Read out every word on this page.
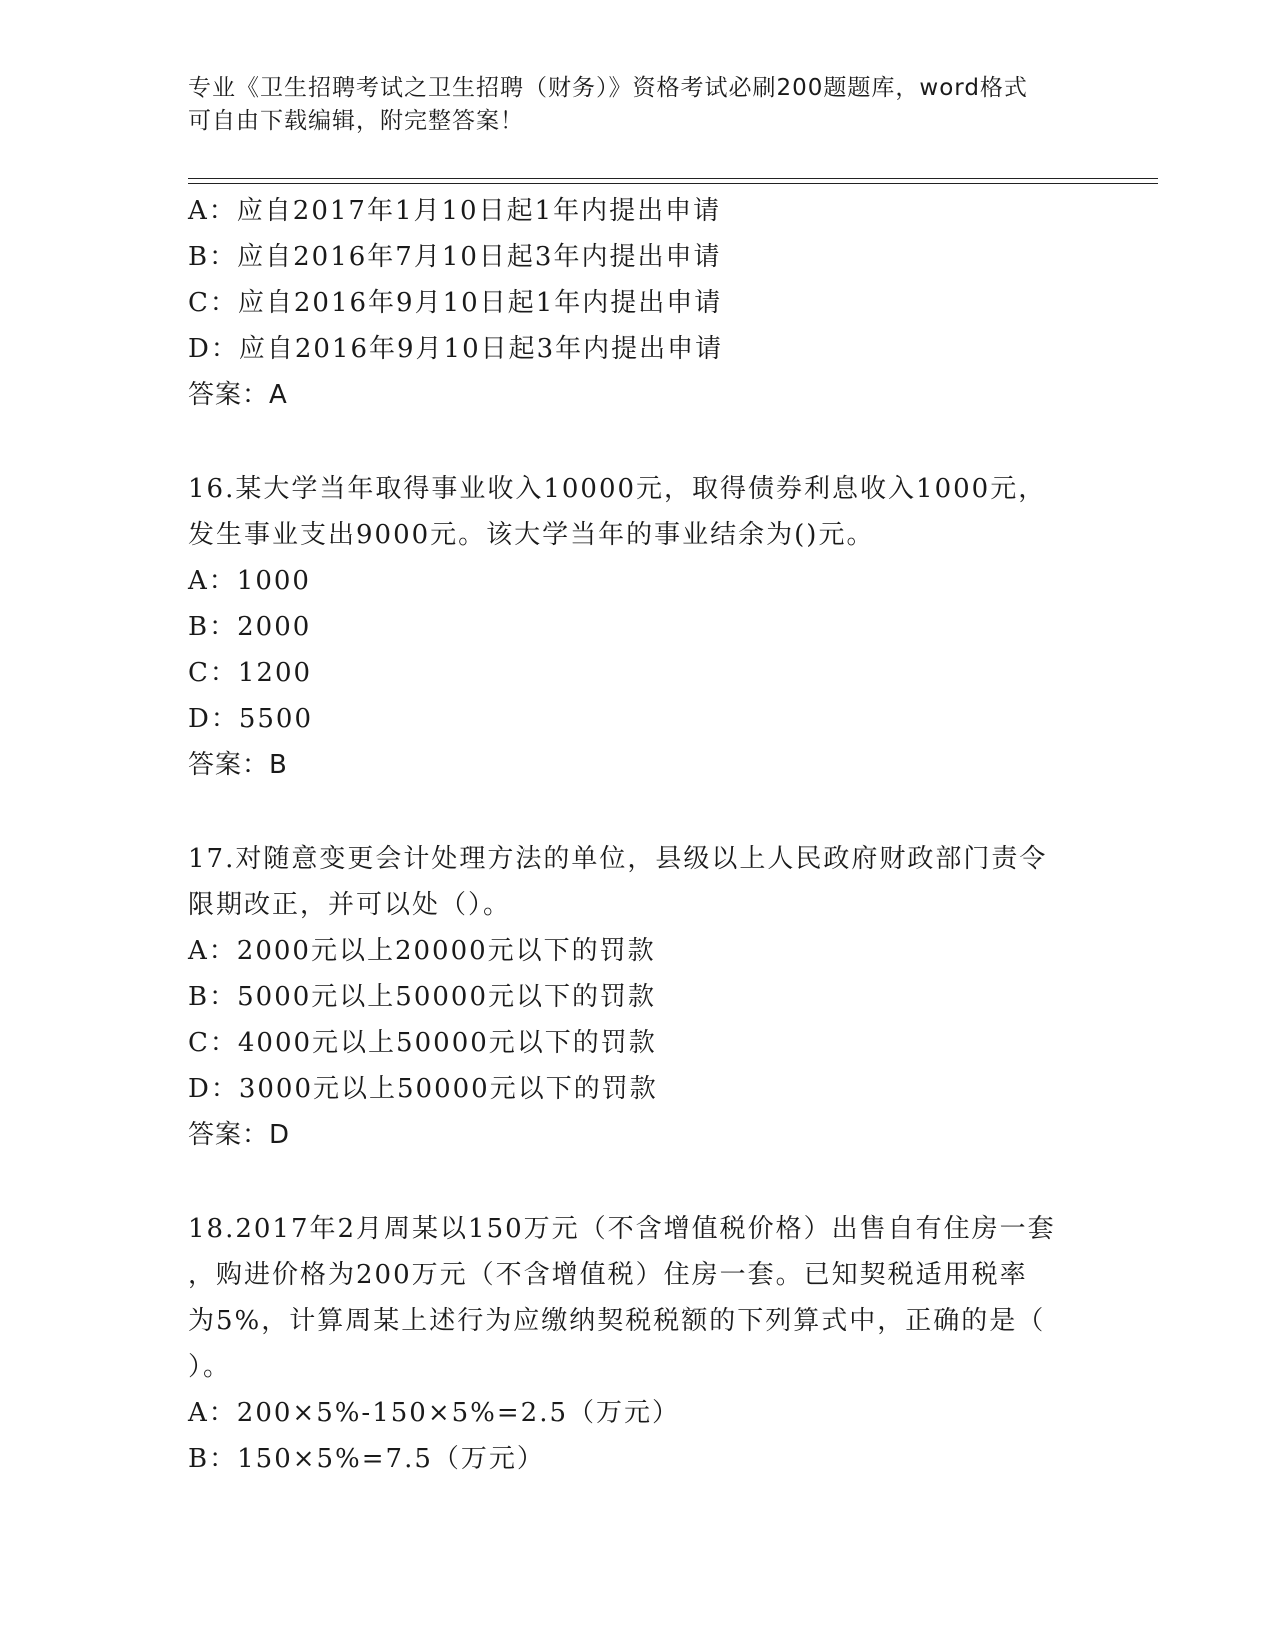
专业《卫生招聘考试之卫生招聘（财务）》资格考试必刷200题题库，word格式

可自由下载编辑，附完整答案！

A：应自2017年1月10日起1年内提出申请
B：应自2016年7月10日起3年内提出申请
C：应自2016年9月10日起1年内提出申请
D：应自2016年9月10日起3年内提出申请
答案：A
16.某大学当年取得事业收入10000元，取得债券利息收入1000元，
发生事业支出9000元。该大学当年的事业结余为()元。
A：1000
B：2000
C：1200
D：5500
答案：B
17.对随意变更会计处理方法的单位，县级以上人民政府财政部门责令
限期改正，并可以处（）。
A：2000元以上20000元以下的罚款
B：5000元以上50000元以下的罚款
C：4000元以上50000元以下的罚款
D：3000元以上50000元以下的罚款
答案：D
18.2017年2月周某以150万元（不含增值税价格）出售自有住房一套
，购进价格为200万元（不含增值税）住房一套。已知契税适用税率
为5%，计算周某上述行为应缴纳契税税额的下列算式中，正确的是（
）。
A：200×5%-150×5%=2.5（万元）
B：150×5%=7.5（万元）
